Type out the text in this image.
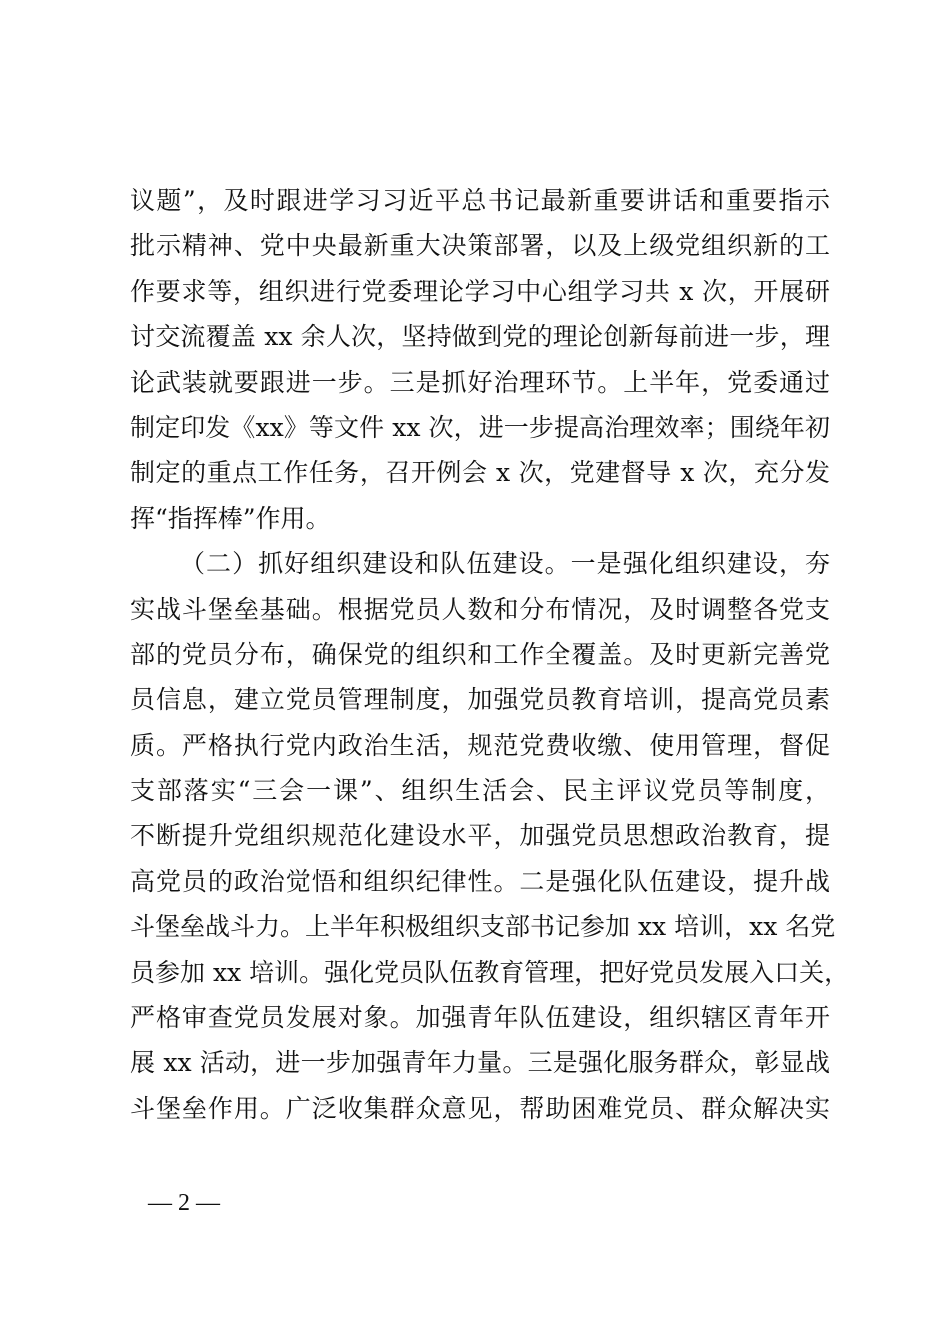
议题”，及时跟进学习习近平总书记最新重要讲话和重要指示
批示精神、党中央最新重大决策部署，以及上级党组织新的工
作要求等，组织进行党委理论学习中心组学习共 x 次，开展研
讨交流覆盖 xx 余人次，坚持做到党的理论创新每前进一步，理
论武装就要跟进一步。三是抓好治理环节。上半年，党委通过
制定印发《xx》等文件 xx 次，进一步提高治理效率；围绕年初
制定的重点工作任务，召开例会 x 次，党建督导 x 次，充分发
挥“指挥棒”作用。
（二）抓好组织建设和队伍建设。一是强化组织建设，夯
实战斗堡垒基础。根据党员人数和分布情况，及时调整各党支
部的党员分布，确保党的组织和工作全覆盖。及时更新完善党
员信息，建立党员管理制度，加强党员教育培训，提高党员素
质。严格执行党内政治生活，规范党费收缴、使用管理，督促
支部落实“三会一课”、组织生活会、民主评议党员等制度，
不断提升党组织规范化建设水平，加强党员思想政治教育，提
高党员的政治觉悟和组织纪律性。二是强化队伍建设，提升战
斗堡垒战斗力。上半年积极组织支部书记参加 xx 培训，xx 名党
员参加 xx 培训。强化党员队伍教育管理，把好党员发展入口关，
严格审查党员发展对象。加强青年队伍建设，组织辖区青年开
展 xx 活动，进一步加强青年力量。三是强化服务群众，彰显战
斗堡垒作用。广泛收集群众意见，帮助困难党员、群众解决实
— 2 —
